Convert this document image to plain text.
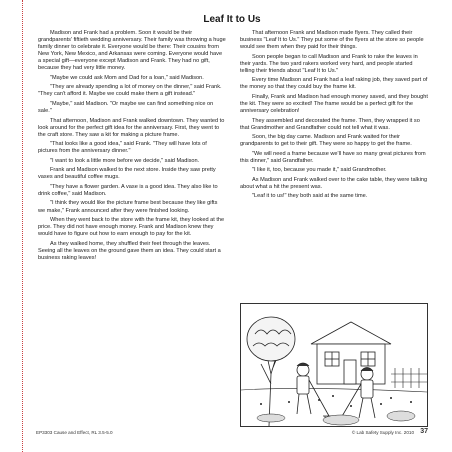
Leaf It to Us

Madison and Frank had a problem. Soon it would be their grandparents' fiftieth wedding anniversary. Their family was throwing a huge family dinner to celebrate it. Everyone would be there: Their cousins from New York, New Mexico, and Arkansas were coming. Everyone would have a special gift—everyone except Madison and Frank. They had no gift, because they had very little money.

"Maybe we could ask Mom and Dad for a loan," said Madison.

"They are already spending a lot of money on the dinner," said Frank. "They can't afford it. Maybe we could make them a gift instead."

"Maybe," said Madison. "Or maybe we can find something nice on sale."

That afternoon, Madison and Frank walked downtown. They wanted to look around for the perfect gift idea for the anniversary. First, they went to the craft store. They saw a kit for making a picture frame.

"That looks like a good idea," said Frank. "They will have lots of pictures from the anniversary dinner."

"I want to look a little more before we decide," said Madison.

Frank and Madison walked to the next store. Inside they saw pretty vases and beautiful coffee mugs.

"They have a flower garden. A vase is a good idea. They also like to drink coffee," said Madison.

"I think they would like the picture frame best because they like gifts we make," Frank announced after they were finished looking.

When they went back to the store with the frame kit, they looked at the price. They did not have enough money. Frank and Madison knew they would have to figure out how to earn enough to pay for the kit.

As they walked home, they shuffled their feet through the leaves. Seeing all the leaves on the ground gave them an idea. They could start a business raking leaves!

That afternoon Frank and Madison made flyers. They called their business "Leaf It to Us." They put some of the flyers at the store so people would see them when they paid for their things.

Soon people began to call Madison and Frank to rake the leaves in their yards. The two yard rakers worked very hard, and people started telling their friends about "Leaf It to Us."

Every time Madison and Frank had a leaf raking job, they saved part of the money so that they could buy the frame kit.

Finally, Frank and Madison had enough money saved, and they bought the kit. They were so excited! The frame would be a perfect gift for the anniversary celebration!

They assembled and decorated the frame. Then, they wrapped it so that Grandmother and Grandfather could not tell what it was.

Soon, the big day came. Madison and Frank waited for their grandparents to get to their gift. They were so happy to get the frame.

"We will need a frame because we'll have so many great pictures from this dinner," said Grandfather.

"I like it, too, because you made it," said Grandmother.

As Madison and Frank walked over to the cake table, they were talking about what a hit the present was.

"Leaf it to us!" they both said at the same time.

EP3303 Cause and Effect, RL 3.5-5.0	© Lab Safety Supply Inc. 2010 37
